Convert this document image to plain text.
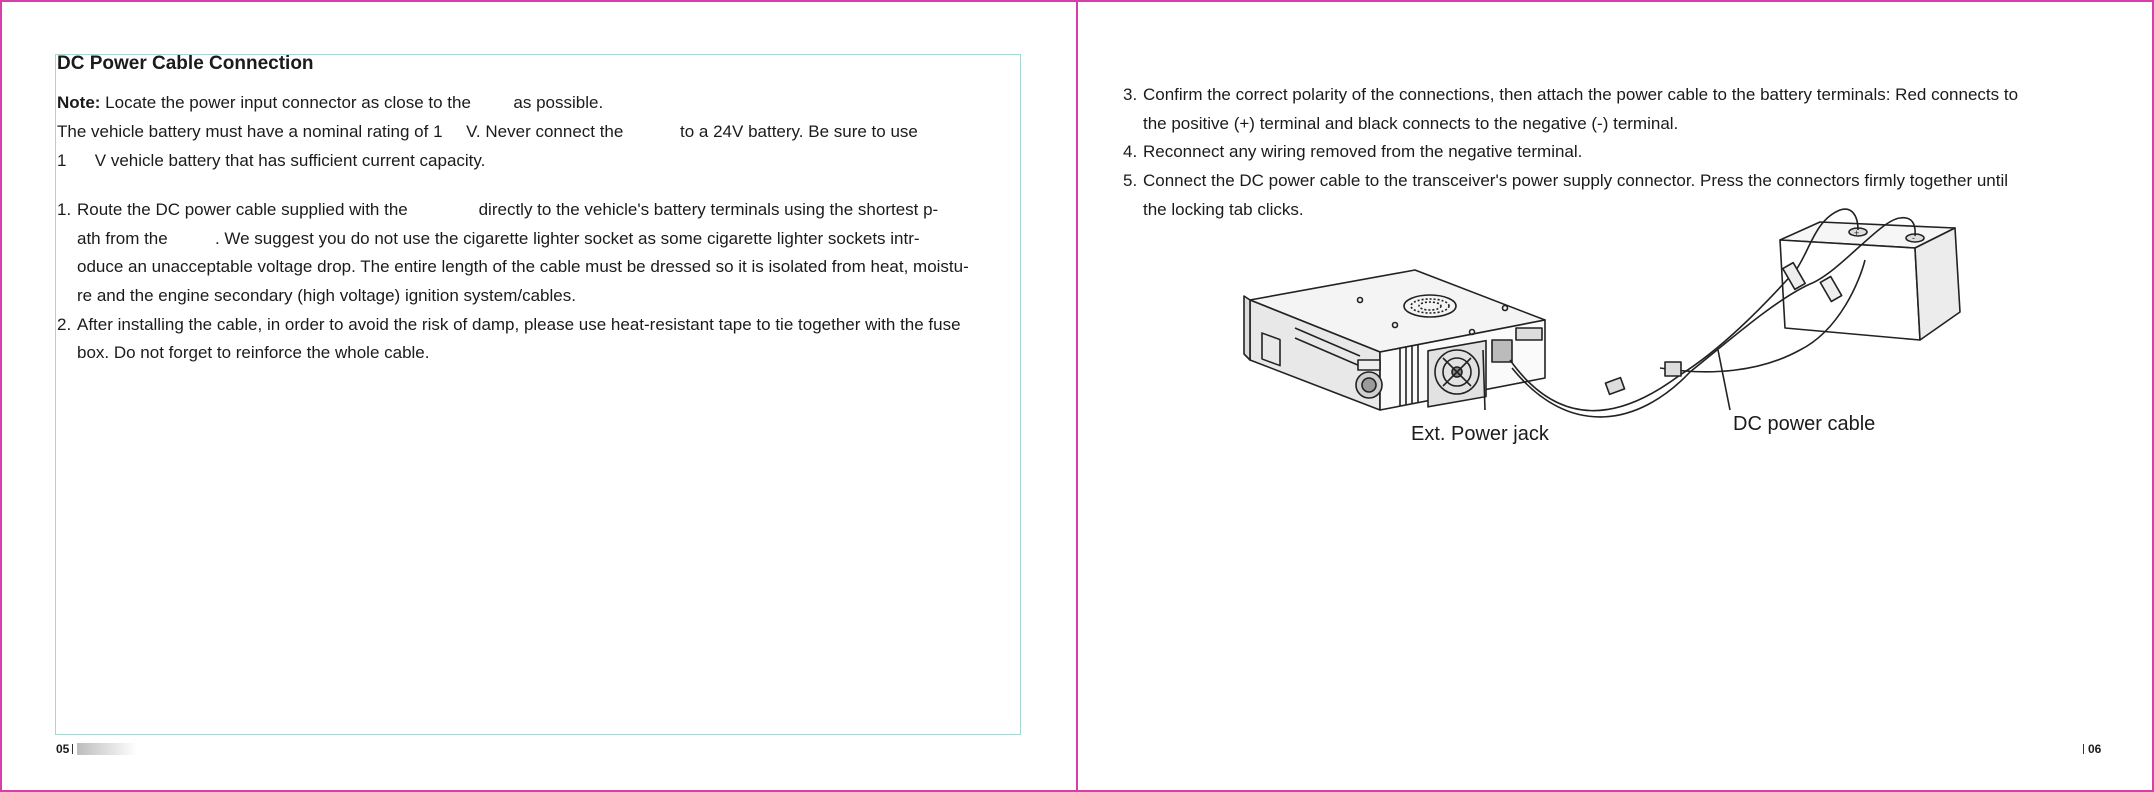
DC Power Cable Connection

Note: Locate the power input connector as close to the         as possible.

The vehicle battery must have a nominal rating of 1     V. Never connect the            to a 24V battery. Be sure to use

1      V vehicle battery that has sufficient current capacity.

1. Route the DC power cable supplied with the               directly to the vehicle's battery terminals using the shortest p-

ath from the          . We suggest you do not use the cigarette lighter socket as some cigarette lighter sockets intr-

oduce an unacceptable voltage drop. The entire length of the cable must be dressed so it is isolated from heat, moistu-

re and the engine secondary (high voltage) ignition system/cables.

2. After installing the cable, in order to avoid the risk of damp, please use heat-resistant tape to tie together with the fuse

box. Do not forget to reinforce the whole cable.

05
3. Confirm the correct polarity of the connections, then attach the power cable to the battery terminals: Red connects to

the positive (+) terminal and black connects to the negative (-) terminal.

4. Reconnect any wiring removed from the negative terminal.

5. Connect the DC power cable to the transceiver's power supply connector. Press the connectors firmly together until

the locking tab clicks.

+	-
Ext. Power jack	DC power cable
06
